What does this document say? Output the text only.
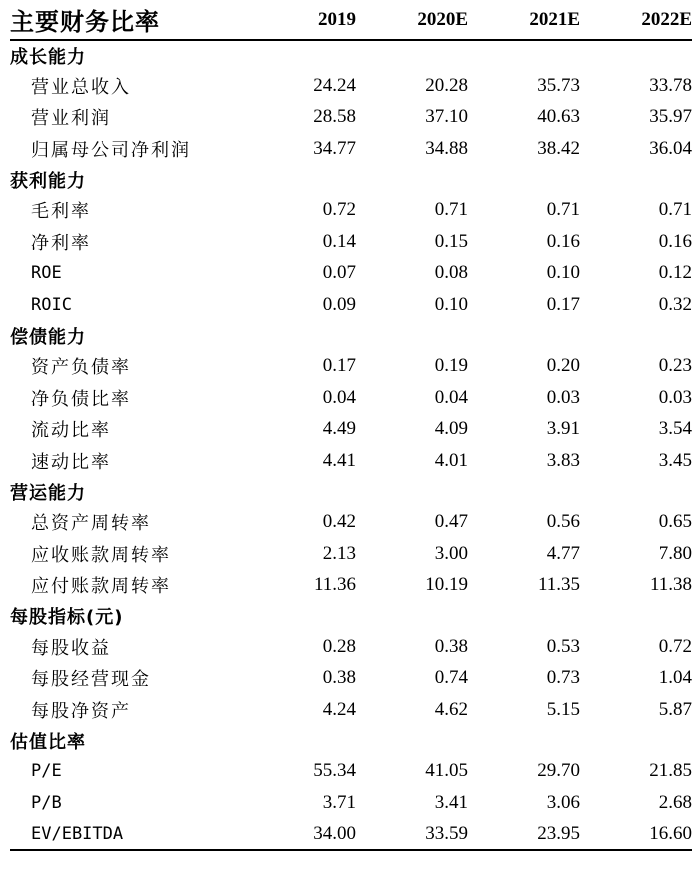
主要财务比率	2019	2020E	2021E	2022E
成长能力				
营业总收入	24.24	20.28	35.73	33.78
营业利润	28.58	37.10	40.63	35.97
归属母公司净利润	34.77	34.88	38.42	36.04
获利能力				
毛利率	0.72	0.71	0.71	0.71
净利率	0.14	0.15	0.16	0.16
ROE	0.07	0.08	0.10	0.12
ROIC	0.09	0.10	0.17	0.32
偿债能力				
资产负债率	0.17	0.19	0.20	0.23
净负债比率	0.04	0.04	0.03	0.03
流动比率	4.49	4.09	3.91	3.54
速动比率	4.41	4.01	3.83	3.45
营运能力				
总资产周转率	0.42	0.47	0.56	0.65
应收账款周转率	2.13	3.00	4.77	7.80
应付账款周转率	11.36	10.19	11.35	11.38
每股指标(元)				
每股收益	0.28	0.38	0.53	0.72
每股经营现金	0.38	0.74	0.73	1.04
每股净资产	4.24	4.62	5.15	5.87
估值比率				
P/E	55.34	41.05	29.70	21.85
P/B	3.71	3.41	3.06	2.68
EV/EBITDA	34.00	33.59	23.95	16.60
